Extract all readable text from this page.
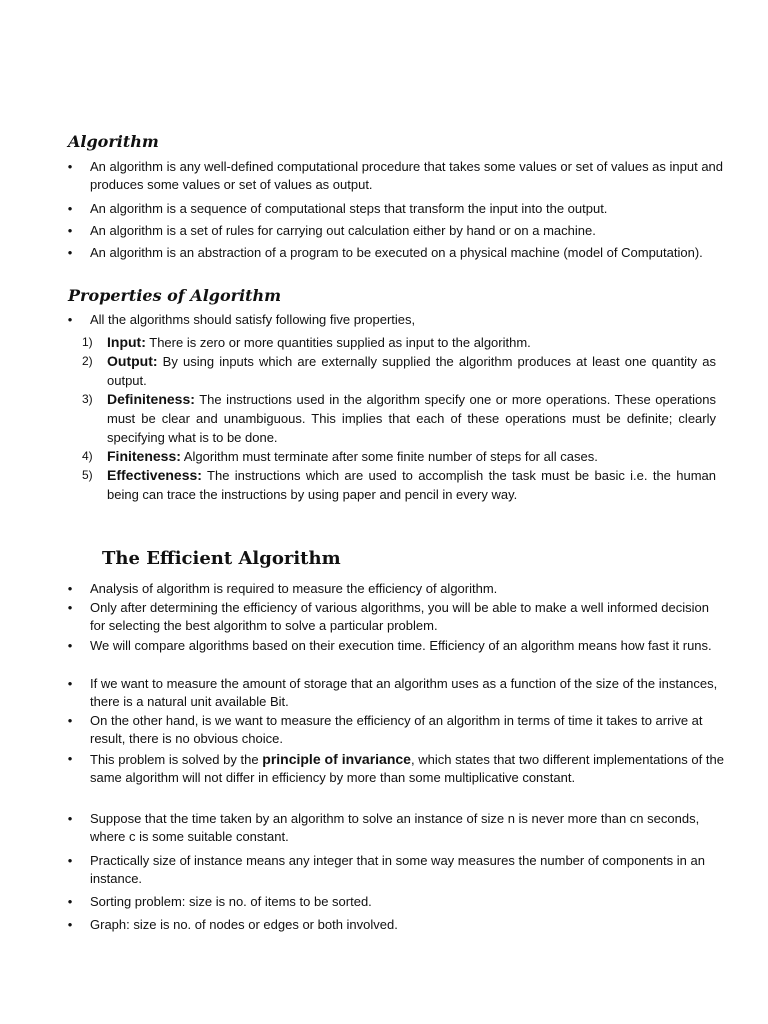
Algorithm
• An algorithm is any well-defined computational procedure that takes some values or set of values as input and produces some values or set of values as output.
• An algorithm is a sequence of computational steps that transform the input into the output.
• An algorithm is a set of rules for carrying out calculation either by hand or on a machine.
• An algorithm is an abstraction of a program to be executed on a physical machine (model of Computation).
Properties of Algorithm
• All the algorithms should satisfy following five properties,
1)	Input: There is zero or more quantities supplied as input to the algorithm.
2)	Output: By using inputs which are externally supplied the algorithm produces at least one quantity as output.
3)	Definiteness: The instructions used in the algorithm specify one or more operations. These operations must be clear and unambiguous. This implies that each of these operations must be definite; clearly specifying what is to be done.
4)	Finiteness: Algorithm must terminate after some finite number of steps for all cases.
5)	Effectiveness: The instructions which are used to accomplish the task must be basic i.e. the human being can trace the instructions by using paper and pencil in every way.
The Efficient Algorithm
• Analysis of algorithm is required to measure the efficiency of algorithm.
• Only after determining the efficiency of various algorithms, you will be able to make a well informed decision for selecting the best algorithm to solve a particular problem.
• We will compare algorithms based on their execution time. Efficiency of an algorithm means how fast it runs.
• If we want to measure the amount of storage that an algorithm uses as a function of the size of the instances, there is a natural unit available Bit.
• On the other hand, is we want to measure the efficiency of an algorithm in terms of time it takes to arrive at result, there is no obvious choice.
• This problem is solved by the principle of invariance, which states that two different implementations of the same algorithm will not differ in efficiency by more than some multiplicative constant.
• Suppose that the time taken by an algorithm to solve an instance of size n is never more than cn seconds, where c is some suitable constant.
• Practically size of instance means any integer that in some way measures the number of components in an instance.
• Sorting problem: size is no. of items to be sorted.
• Graph: size is no. of nodes or edges or both involved.
